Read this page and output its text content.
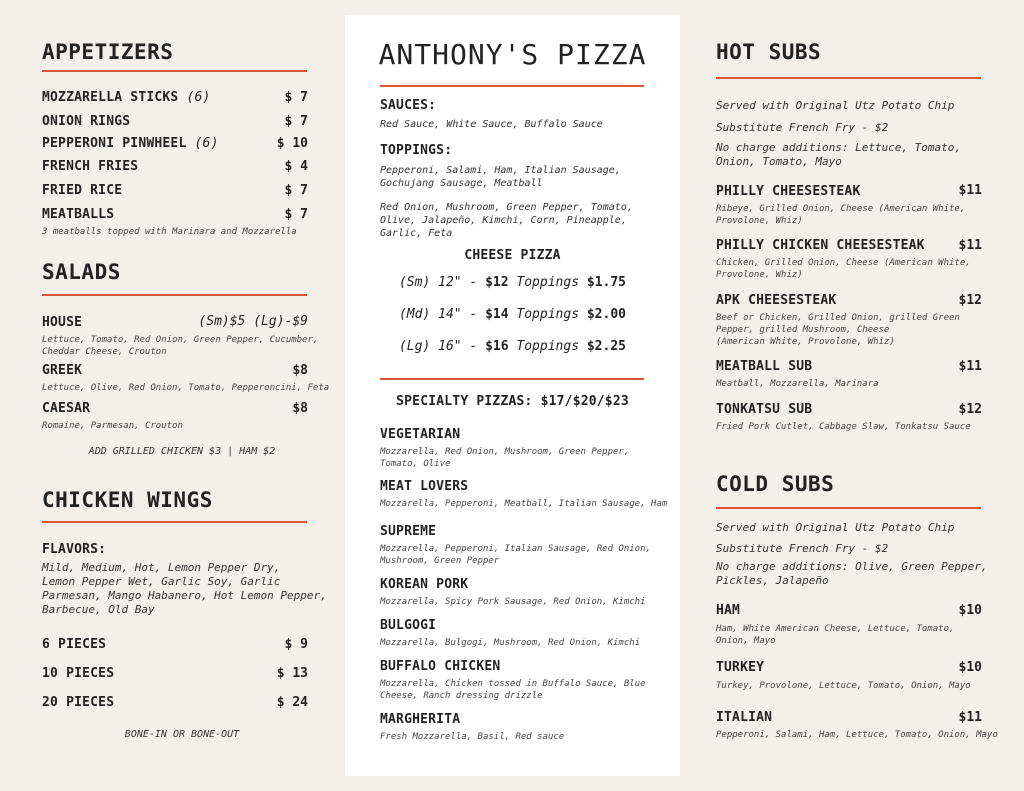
APPETIZERS
MOZZARELLA STICKS (6)	$ 7
ONION RINGS	$ 7
PEPPERONI PINWHEEL (6)	$ 10
FRENCH FRIES	$ 4
FRIED RICE	$ 7
MEATBALLS	$ 7
3 meatballs topped with Marinara and Mozzarella
SALADS
HOUSE	(Sm)$5 (Lg)-$9
Lettuce, Tomato, Red Onion, Green Pepper, Cucumber,
Cheddar Cheese, Crouton
GREEK	$8
Lettuce, Olive, Red Onion, Tomato, Pepperoncini, Feta
CAESAR	$8
Romaine, Parmesan, Crouton
ADD GRILLED CHICKEN $3 | HAM $2
CHICKEN WINGS
FLAVORS:
Mild, Medium, Hot, Lemon Pepper Dry,
Lemon Pepper Wet, Garlic Soy, Garlic
Parmesan, Mango Habanero, Hot Lemon Pepper,
Barbecue, Old Bay
6 PIECES	$ 9
10 PIECES	$ 13
20 PIECES	$ 24
BONE-IN OR BONE-OUT
ANTHONY'S PIZZA
SAUCES:
Red Sauce, White Sauce, Buffalo Sauce
TOPPINGS:
Pepperoni, Salami, Ham, Italian Sausage,
Gochujang Sausage, Meatball
Red Onion, Mushroom, Green Pepper, Tomato,
Olive, Jalapeño, Kimchi, Corn, Pineapple,
Garlic, Feta
CHEESE PIZZA
(Sm) 12" - $12 Toppings $1.75
(Md) 14" - $14 Toppings $2.00
(Lg) 16" - $16 Toppings $2.25
SPECIALTY PIZZAS: $17/$20/$23
VEGETARIAN
Mozzarella, Red Onion, Mushroom, Green Pepper,
Tomato, Olive
MEAT LOVERS
Mozzarella, Pepperoni, Meatball, Italian Sausage, Ham
SUPREME
Mozzarella, Pepperoni, Italian Sausage, Red Onion,
Mushroom, Green Pepper
KOREAN PORK
Mozzarella, Spicy Pork Sausage, Red Onion, Kimchi
BULGOGI
Mozzarella, Bulgogi, Mushroom, Red Onion, Kimchi
BUFFALO CHICKEN
Mozzarella, Chicken tossed in Buffalo Sauce, Blue
Cheese, Ranch dressing drizzle
MARGHERITA
Fresh Mozzarella, Basil, Red sauce
HOT SUBS
Served with Original Utz Potato Chip
Substitute French Fry - $2
No charge additions: Lettuce, Tomato,
Onion, Tomato, Mayo
PHILLY CHEESESTEAK	$11
Ribeye, Grilled Onion, Cheese (American White,
Provolone, Whiz)
PHILLY CHICKEN CHEESESTEAK	$11
Chicken, Grilled Onion, Cheese (American White,
Provolone, Whiz)
APK CHEESESTEAK	$12
Beef or Chicken, Grilled Onion, grilled Green
Pepper, grilled Mushroom, Cheese
(American White, Provolone, Whiz)
MEATBALL SUB	$11
Meatball, Mozzarella, Marinara
TONKATSU SUB	$12
Fried Pork Cutlet, Cabbage Slaw, Tonkatsu Sauce
COLD SUBS
Served with Original Utz Potato Chip
Substitute French Fry - $2
No charge additions: Olive, Green Pepper,
Pickles, Jalapeño
HAM	$10
Ham, White American Cheese, Lettuce, Tomato,
Onion, Mayo
TURKEY	$10
Turkey, Provolone, Lettuce, Tomato, Onion, Mayo
ITALIAN	$11
Pepperoni, Salami, Ham, Lettuce, Tomato, Onion, Mayo
